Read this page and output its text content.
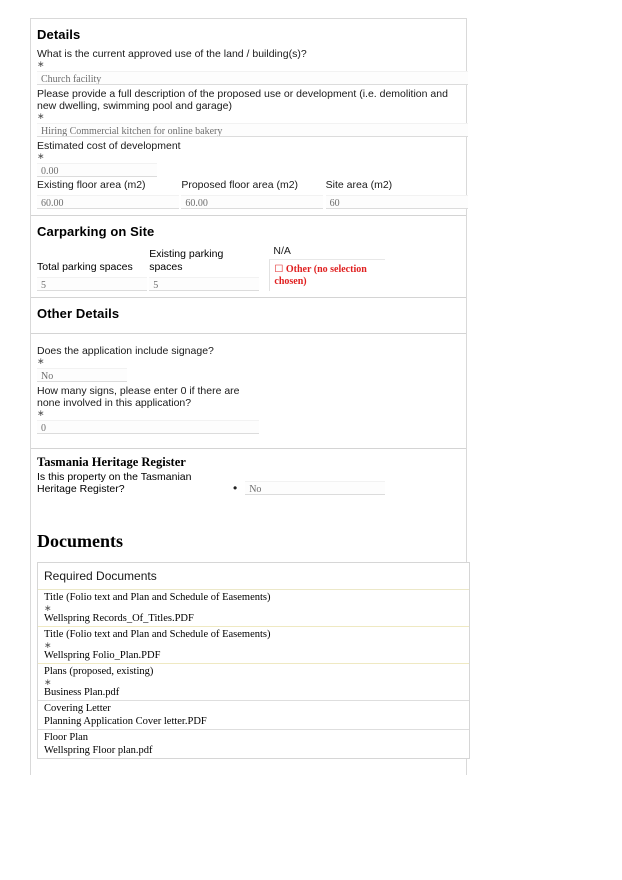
Details
What is the current approved use of the land / building(s)?
∗
Church facility
Please provide a full description of the proposed use or development (i.e. demolition and new dwelling, swimming pool and garage)
∗
Hiring Commercial kitchen for online bakery
Estimated cost of development
∗
0.00
Existing floor area (m2)
60.00
Proposed floor area (m2)
60.00
Site area (m2)
60
Carparking on Site
Total parking spaces
5
Existing parking spaces
5
N/A
☐ Other (no selection chosen)
Other Details
Does the application include signage?
∗
No
How many signs, please enter 0 if there are none involved in this application?
∗
0
Tasmania Heritage Register
Is this property on the Tasmanian Heritage Register?	•	No
Documents
Required Documents
Title (Folio text and Plan and Schedule of Easements)
∗
Wellspring Records_Of_Titles.PDF
Title (Folio text and Plan and Schedule of Easements)
∗
Wellspring Folio_Plan.PDF
Plans (proposed, existing)
∗
Business Plan.pdf
Covering Letter
Planning Application Cover letter.PDF
Floor Plan
Wellspring Floor plan.pdf
